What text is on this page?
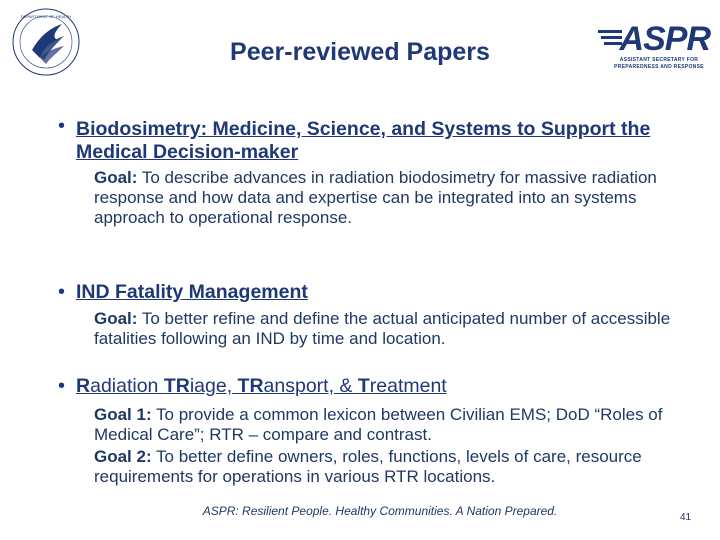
DEPARTMENT OF HEALTH
Peer-reviewed Papers	ASPR
ASSISTANT SECRETARY FOR PREPAREDNESS AND RESPONSE
• Biodosimetry: Medicine, Science, and Systems to Support the Medical Decision-maker
Goal: To describe advances in radiation biodosimetry for massive radiation response and how data and expertise can be integrated into an systems approach to operational response.
• IND Fatality Management
Goal: To better refine and define the actual anticipated number of accessible fatalities following an IND by time and location.
• Radiation TRiage, TRansport, & Treatment
Goal 1: To provide a common lexicon between Civilian EMS; DoD “Roles of Medical Care”; RTR – compare and contrast.
Goal 2: To better define owners, roles, functions, levels of care, resource requirements for operations in various RTR locations.
ASPR: Resilient People. Healthy Communities. A Nation Prepared.	41
